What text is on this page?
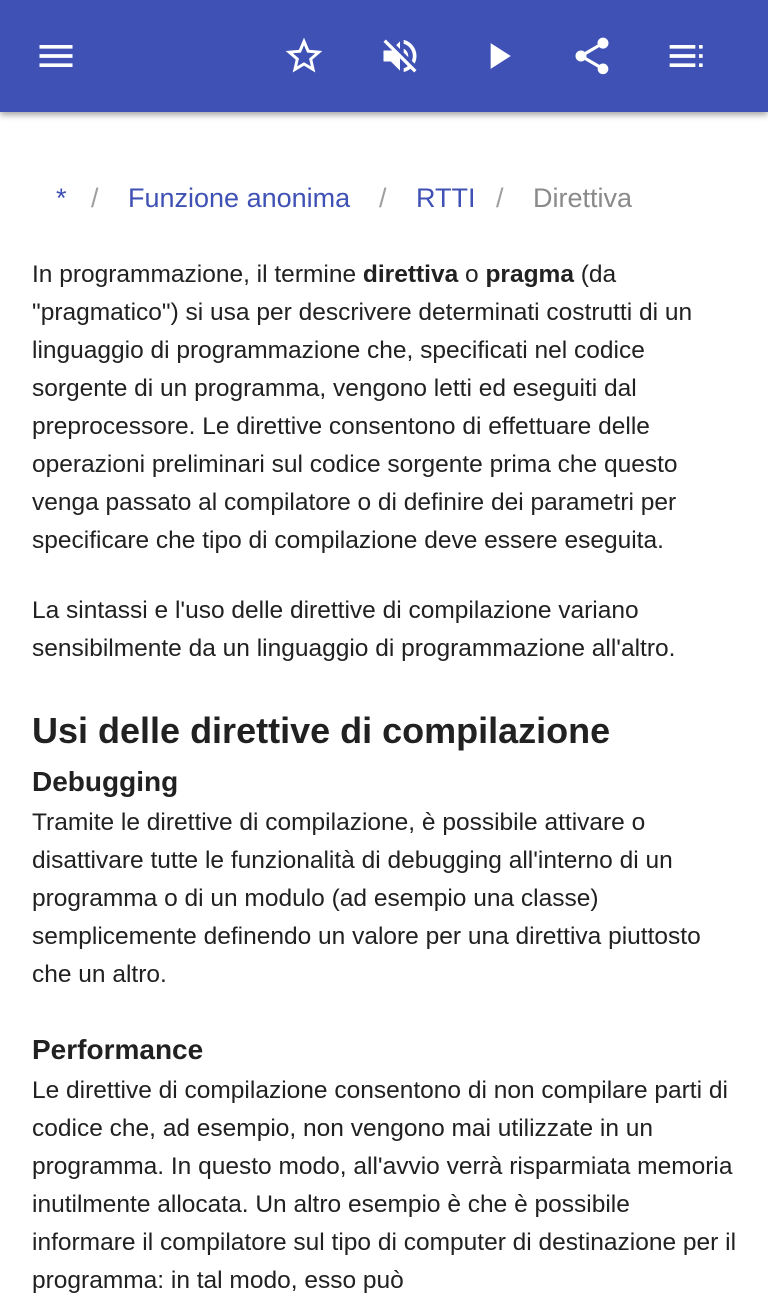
* / Funzione anonima / RTTI / Direttiva

In programmazione, il termine direttiva o pragma (da "pragmatico") si usa per descrivere determinati costrutti di un linguaggio di programmazione che, specificati nel codice sorgente di un programma, vengono letti ed eseguiti dal preprocessore. Le direttive consentono di effettuare delle operazioni preliminari sul codice sorgente prima che questo venga passato al compilatore o di definire dei parametri per specificare che tipo di compilazione deve essere eseguita.

La sintassi e l'uso delle direttive di compilazione variano sensibilmente da un linguaggio di programmazione all'altro.

Usi delle direttive di compilazione
Debugging

Tramite le direttive di compilazione, è possibile attivare o disattivare tutte le funzionalità di debugging all'interno di un programma o di un modulo (ad esempio una classe) semplicemente definendo un valore per una direttiva piuttosto che un altro.

Performance

Le direttive di compilazione consentono di non compilare parti di codice che, ad esempio, non vengono mai utilizzate in un programma. In questo modo, all'avvio verrà risparmiata memoria inutilmente allocata. Un altro esempio è che è possibile informare il compilatore sul tipo di computer di destinazione per il programma: in tal modo, esso può
